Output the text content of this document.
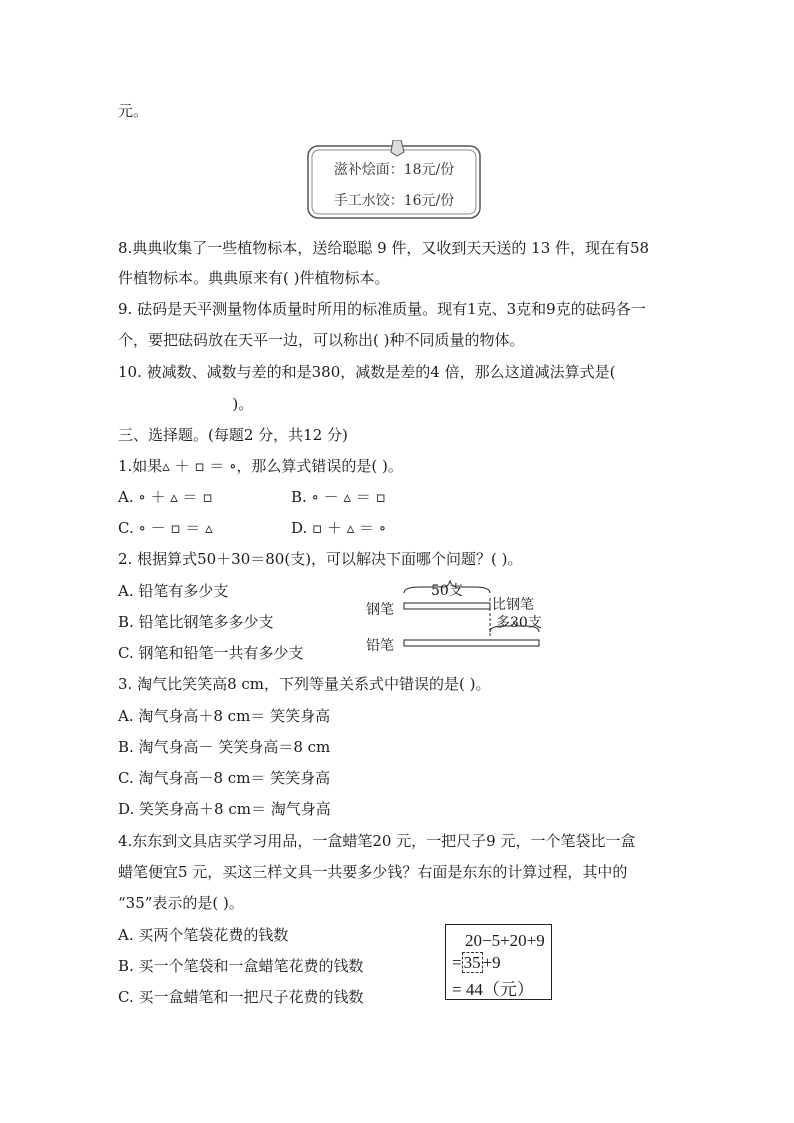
元。
滋补烩面：18元/份
手工水饺：16元/份
8.典典收集了一些植物标本，送给聪聪 9 件，又收到天天送的 13 件，现在有58
件植物标本。典典原来有( )件植物标本。
9. 砝码是天平测量物体质量时所用的标准质量。现有1克、3克和9克的砝码各一
个，要把砝码放在天平一边，可以称出( )种不同质量的物体。
10. 被减数、减数与差的和是380，减数是差的4 倍，那么这道减法算式是(
)。
三、选择题。(每题2 分，共12 分)
1.如果▵ ＋ ▫ ＝ ∘，那么算式错误的是( )。
A. ∘ ＋ ▵ ＝ ▫	B. ∘ － ▵ ＝ ▫
C. ∘ － ▫ ＝ ▵	D. ▫ ＋ ▵ ＝ ∘
2. 根据算式50＋30＝80(支)，可以解决下面哪个问题？( )。
A. 铅笔有多少支
B. 铅笔比钢笔多多少支
C. 钢笔和铅笔一共有多少支
50支
钢笔
铅笔
比钢笔
多30支
3. 淘气比笑笑高8 cm，下列等量关系式中错误的是( )。
A. 淘气身高＋8 cm＝ 笑笑身高
B. 淘气身高－ 笑笑身高＝8 cm
C. 淘气身高－8 cm＝ 笑笑身高
D. 笑笑身高＋8 cm＝ 淘气身高
4.东东到文具店买学习用品，一盒蜡笔20 元，一把尺子9 元，一个笔袋比一盒
蜡笔便宜5 元，买这三样文具一共要多少钱？右面是东东的计算过程，其中的
“35”表示的是( )。
A. 买两个笔袋花费的钱数
B. 买一个笔袋和一盒蜡笔花费的钱数
C. 买一盒蜡笔和一把尺子花费的钱数
20−5+20+9
= 35 +9
= 44（元）
